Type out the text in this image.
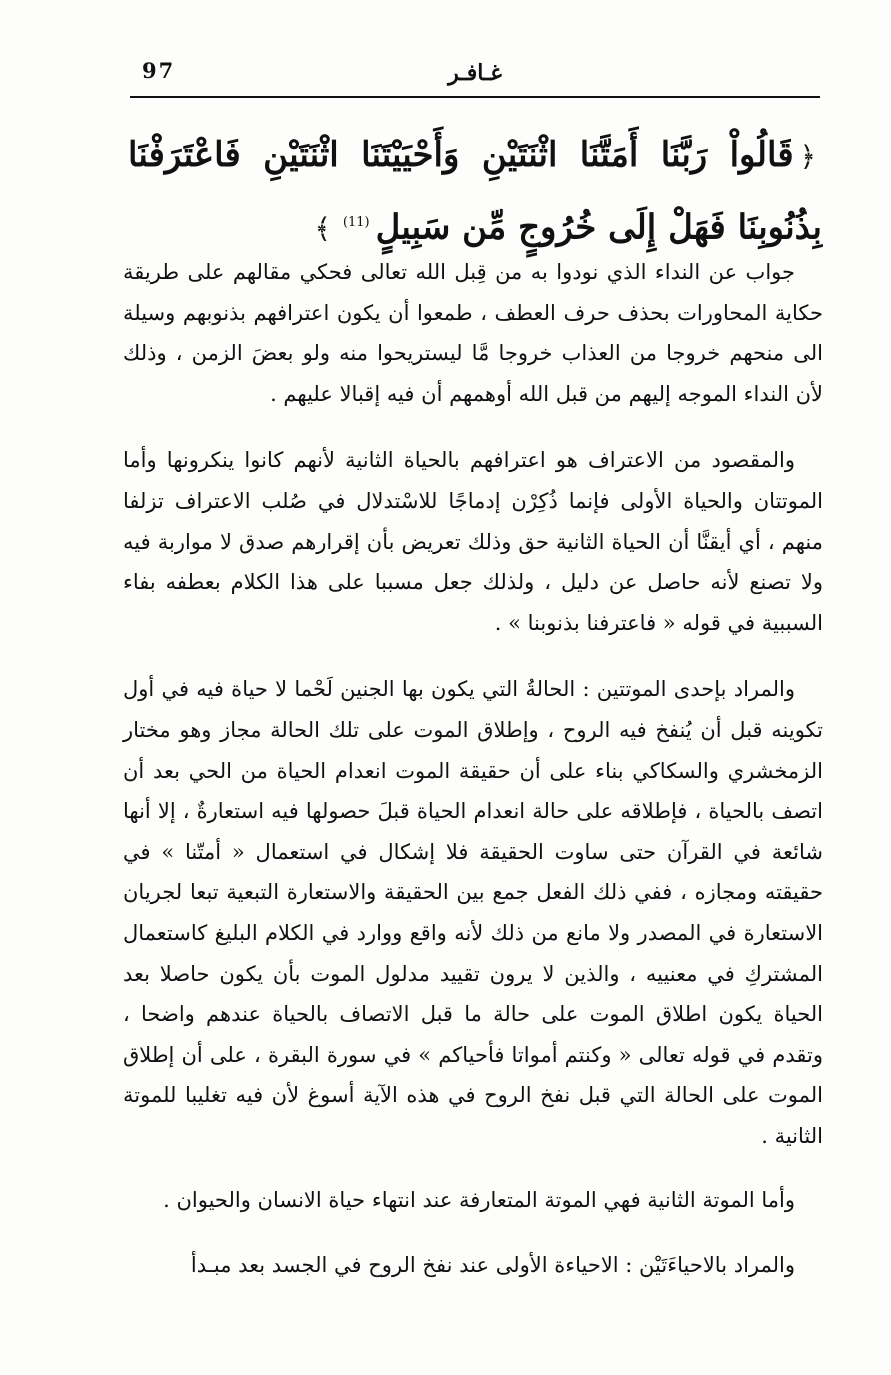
97	غـافـر
﴿قَالُواْ رَبَّنَا أَمَتَّنَا اثْنَتَيْنِ وَأَحْيَيْتَنَا اثْنَتَيْنِ فَاعْتَرَفْنَا بِذُنُوبِنَا فَهَلْ إِلَى خُرُوجٍ مِّن سَبِيلٍ$^{(11)}$﴾

جواب عن النداء الذي نودوا به من قِبل الله تعالى فحكي مقالهم على طريقة حكاية المحاورات بحذف حرف العطف ، طمعوا أن يكون اعترافهم بذنوبهم وسيلة الى منحهم خروجا من العذاب خروجا مَّا ليستريحوا منه ولو بعضَ الزمن ، وذلك لأن النداء الموجه إليهم من قبل الله أوهمهم أن فيه إقبالا عليهم .

والمقصود من الاعتراف هو اعترافهم بالحياة الثانية لأنهم كانوا ينكرونها وأما الموتتان والحياة الأولى فإنما ذُكِرْن إدماجًا للاسْتدلال في صُلب الاعتراف تزلفا منهم ، أي أيقنَّا أن الحياة الثانية حق وذلك تعريض بأن إقرارهم صدق لا مواربة فيه ولا تصنع لأنه حاصل عن دليل ، ولذلك جعل مسببا على هذا الكلام بعطفه بفاء السببية في قوله « فاعترفنا بذنوبنا » .

والمراد بإحدى الموتتين : الحالةُ التي يكون بها الجنين لَحْما لا حياة فيه في أول تكوينه قبل أن يُنفخ فيه الروح ، وإطلاق الموت على تلك الحالة مجاز وهو مختار الزمخشري والسكاكي بناء على أن حقيقة الموت انعدام الحياة من الحي بعد أن اتصف بالحياة ، فإطلاقه على حالة انعدام الحياة قبلَ حصولها فيه استعارةٌ ، إلا أنها شائعة في القرآن حتى ساوت الحقيقة فلا إشكال في استعمال « أمتّنا » في حقيقته ومجازه ، ففي ذلك الفعل جمع بين الحقيقة والاستعارة التبعية تبعا لجريان الاستعارة في المصدر ولا مانع من ذلك لأنه واقع ووارد في الكلام البليغ كاستعمال المشتركِ في معنييه ، والذين لا يرون تقييد مدلول الموت بأن يكون حاصلا بعد الحياة يكون اطلاق الموت على حالة ما قبل الاتصاف بالحياة عندهم واضحا ، وتقدم في قوله تعالى « وكنتم أمواتا فأحياكم » في سورة البقرة ، على أن إطلاق الموت على الحالة التي قبل نفخ الروح في هذه الآية أسوغ لأن فيه تغليبا للموتة الثانية .

وأما الموتة الثانية فهي الموتة المتعارفة عند انتهاء حياة الانسان والحيوان .

والمراد بالاحياءَتَيْن : الاحياءة الأولى عند نفخ الروح في الجسد بعد مبـدأ
